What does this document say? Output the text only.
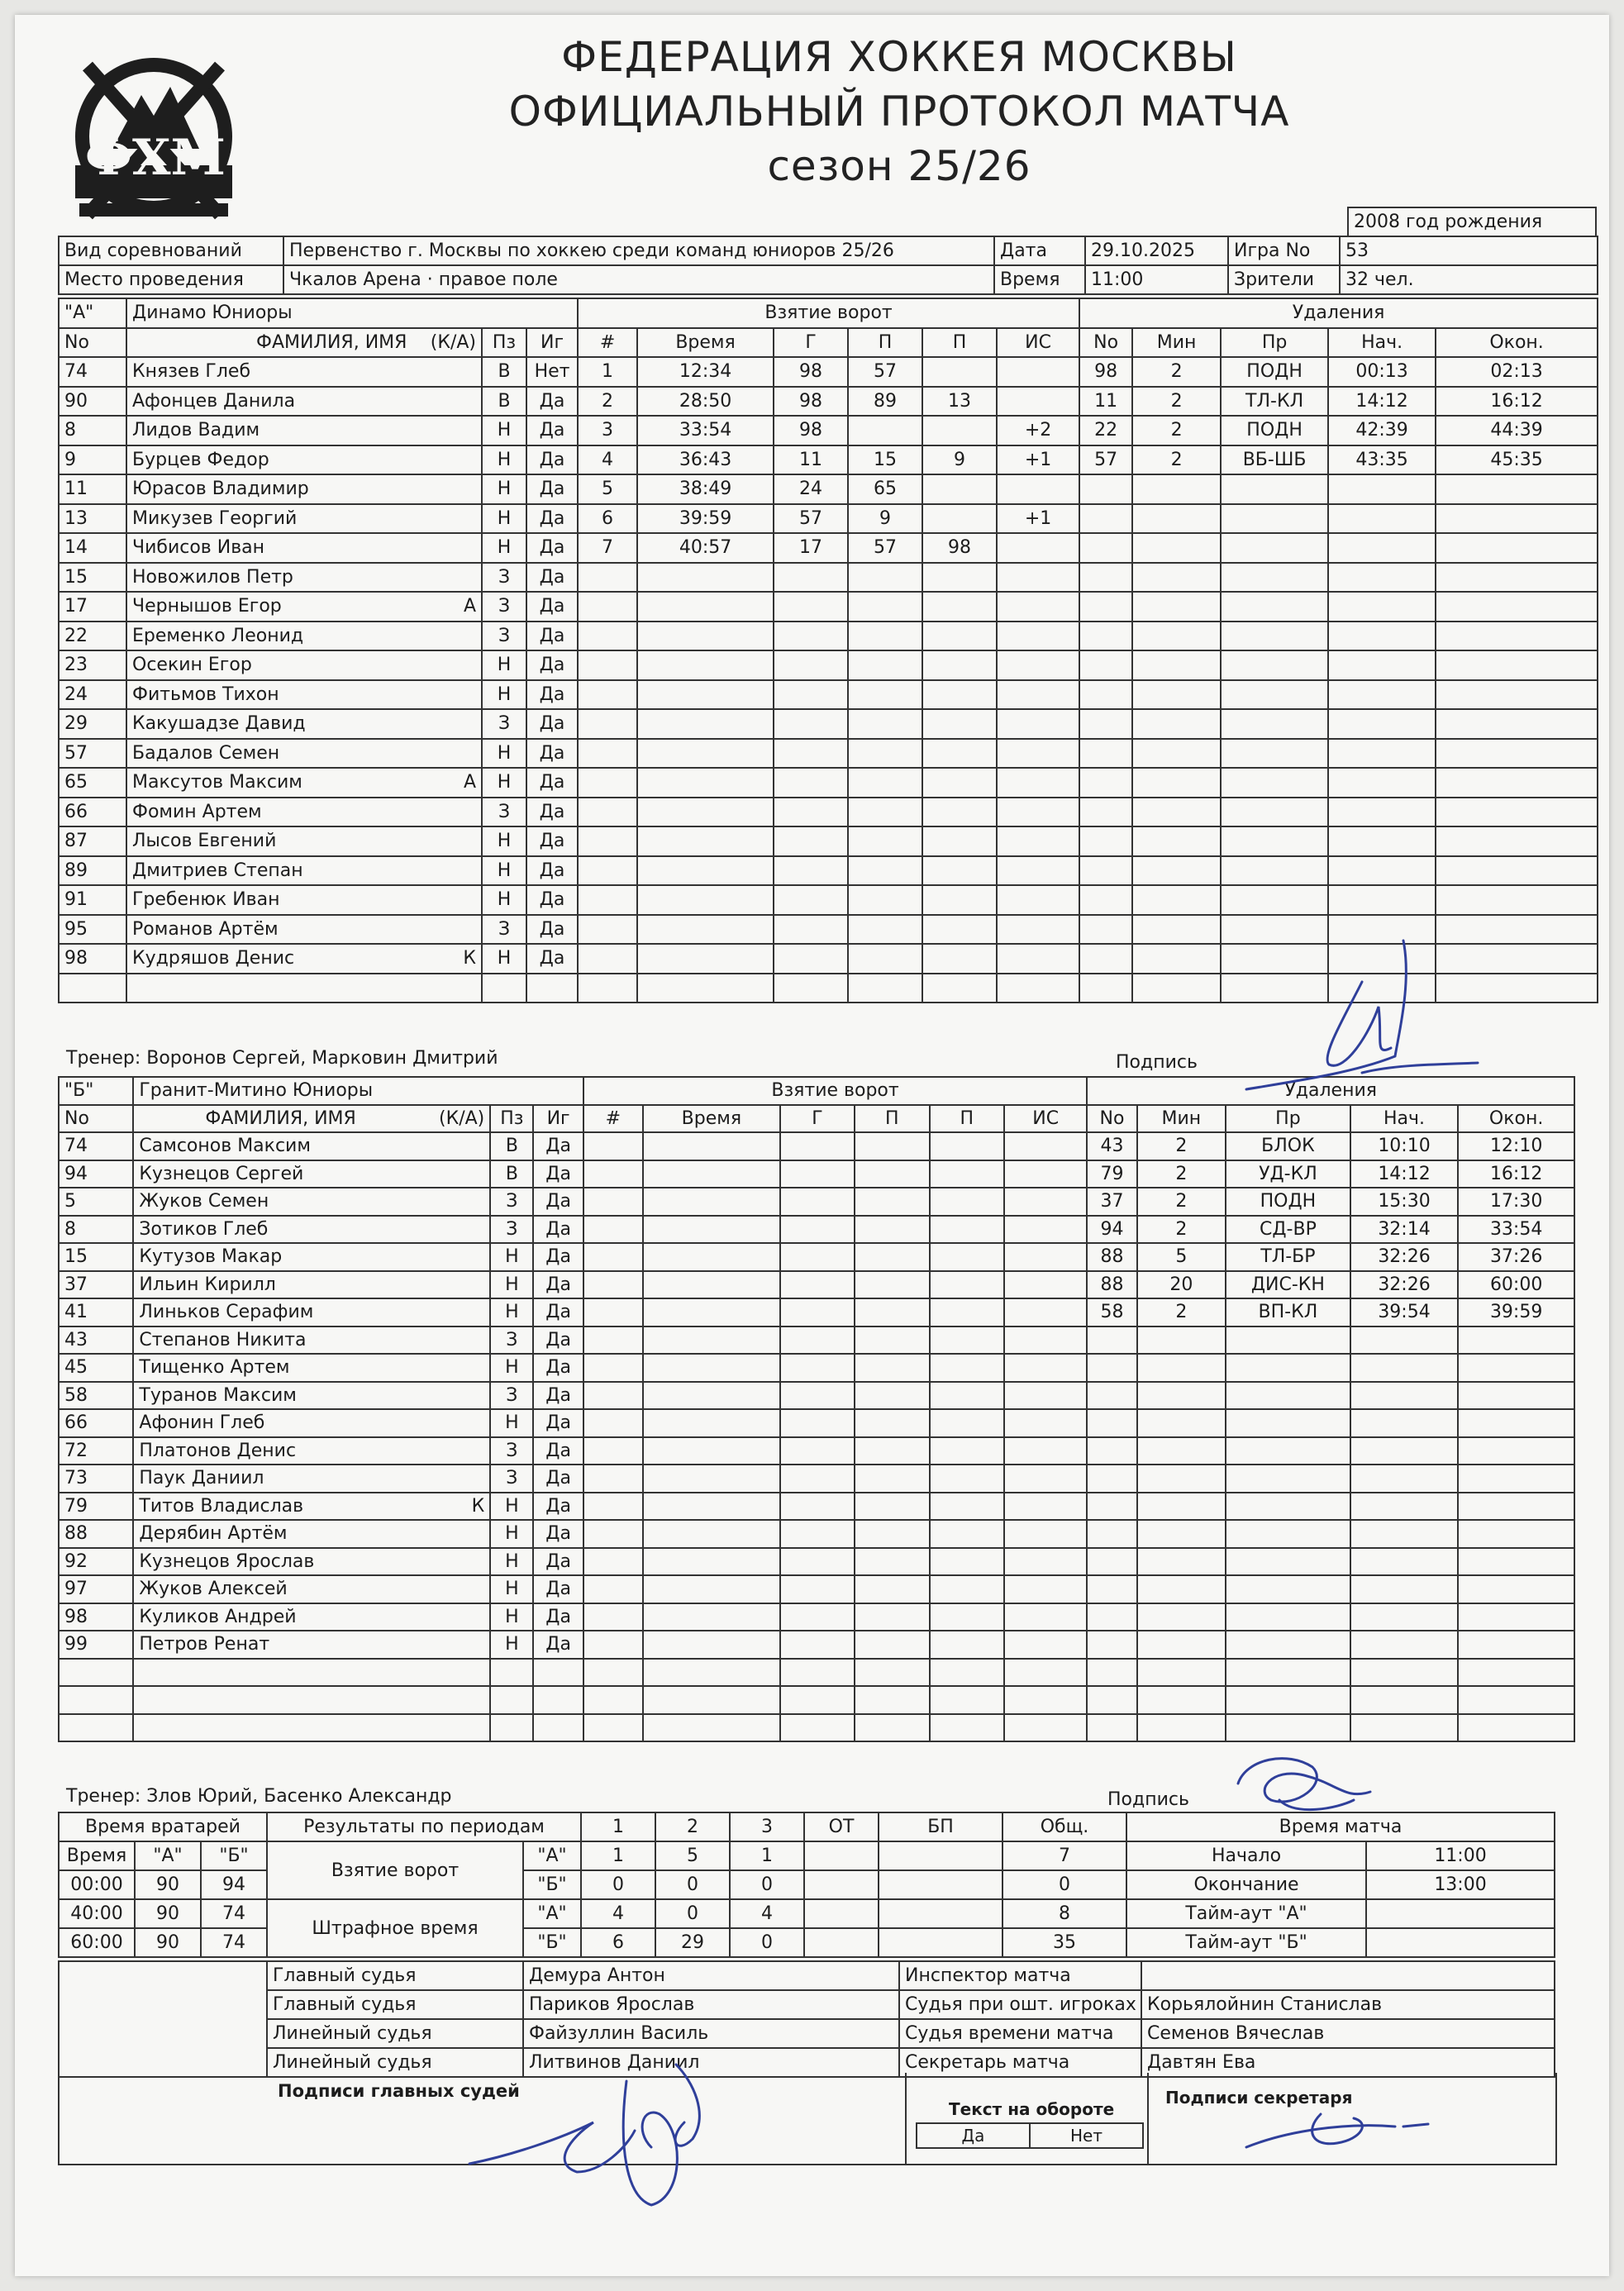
ФХМ
ФЕДЕРАЦИЯ ХОККЕЯ МОСКВЫ
ОФИЦИАЛЬНЫЙ ПРОТОКОЛ МАТЧА
сезон 25/26
2008 год рождения
Вид соревнований	Первенство г. Москвы по хоккею среди команд юниоров 25/26	Дата	29.10.2025	Игра No	53
Место проведения	Чкалов Арена · правое поле	Время	11:00	Зрители	32 чел.
"А"	Динамо Юниоры			Взятие ворот						Удаления				
No	ФАМИЛИЯ, ИМЯ (К/А)	Пз	Иг	#	Время	Г	П	П	ИС	No	Мин	Пр	Нач.	Окон.
74	Князев Глеб	В	Нет	1	12:34	98	57			98	2	ПОДН	00:13	02:13
90	Афонцев Данила	В	Да	2	28:50	98	89	13		11	2	ТЛ-КЛ	14:12	16:12
8	Лидов Вадим	Н	Да	3	33:54	98			+2	22	2	ПОДН	42:39	44:39
9	Бурцев Федор	Н	Да	4	36:43	11	15	9	+1	57	2	ВБ-ШБ	43:35	45:35
11	Юрасов Владимир	Н	Да	5	38:49	24	65							
13	Микузев Георгий	Н	Да	6	39:59	57	9		+1					
14	Чибисов Иван	Н	Да	7	40:57	17	57	98						
15	Новожилов Петр	З	Да											
17	Чернышов Егор А	З	Да											
22	Еременко Леонид	З	Да											
23	Осекин Егор	Н	Да											
24	Фитьмов Тихон	Н	Да											
29	Какушадзе Давид	З	Да											
57	Бадалов Семен	Н	Да											
65	Максутов Максим А	Н	Да											
66	Фомин Артем	З	Да											
87	Лысов Евгений	Н	Да											
89	Дмитриев Степан	Н	Да											
91	Гребенюк Иван	Н	Да											
95	Романов Артём	З	Да											
98	Кудряшов Денис К	Н	Да											

Тренер: Воронов Сергей, Марковин Дмитрий	Подпись
"Б"	Гранит-Митино Юниоры			Взятие ворот						Удаления				
No	ФАМИЛИЯ, ИМЯ (К/А)	Пз	Иг	#	Время	Г	П	П	ИС	No	Мин	Пр	Нач.	Окон.
74	Самсонов Максим	В	Да							43	2	БЛОК	10:10	12:10
94	Кузнецов Сергей	В	Да							79	2	УД-КЛ	14:12	16:12
5	Жуков Семен	З	Да							37	2	ПОДН	15:30	17:30
8	Зотиков Глеб	З	Да							94	2	СД-ВР	32:14	33:54
15	Кутузов Макар	Н	Да							88	5	ТЛ-БР	32:26	37:26
37	Ильин Кирилл	Н	Да							88	20	ДИС-КН	32:26	60:00
41	Линьков Серафим	Н	Да							58	2	ВП-КЛ	39:54	39:59
43	Степанов Никита	З	Да											
45	Тищенко Артем	Н	Да											
58	Туранов Максим	З	Да											
66	Афонин Глеб	Н	Да											
72	Платонов Денис	З	Да											
73	Паук Даниил	З	Да											
79	Титов Владислав К	Н	Да											
88	Дерябин Артём	Н	Да											
92	Кузнецов Ярослав	Н	Да											
97	Жуков Алексей	Н	Да											
98	Куликов Андрей	Н	Да											
99	Петров Ренат	Н	Да											

Тренер: Злов Юрий, Басенко Александр	Подпись
Время вратарей			Результаты по периодам		1	2	3	ОТ	БП	Общ.	Время матча	
Время	"А"	"Б"	Взятие ворот	"А"	1	5	1			7	Начало	11:00
00:00	90	94		"Б"	0	0	0			0	Окончание	13:00
40:00	90	74	Штрафное время	"А"	4	0	4			8	Тайм-аут "А"	
60:00	90	74		"Б"	6	29	0			35	Тайм-аут "Б"	
	Главный судья	Демура Антон	Инспектор матча	
	Главный судья	Париков Ярослав	Судья при ошт. игроках	Корьялойнин Станислав
	Линейный судья	Файзуллин Василь	Судья времени матча	Семенов Вячеслав
	Линейный судья	Литвинов Даниил	Секретарь матча	Давтян Ева
Подписи главных судей
Текст на обороте
Да	Нет
Подписи секретаря
